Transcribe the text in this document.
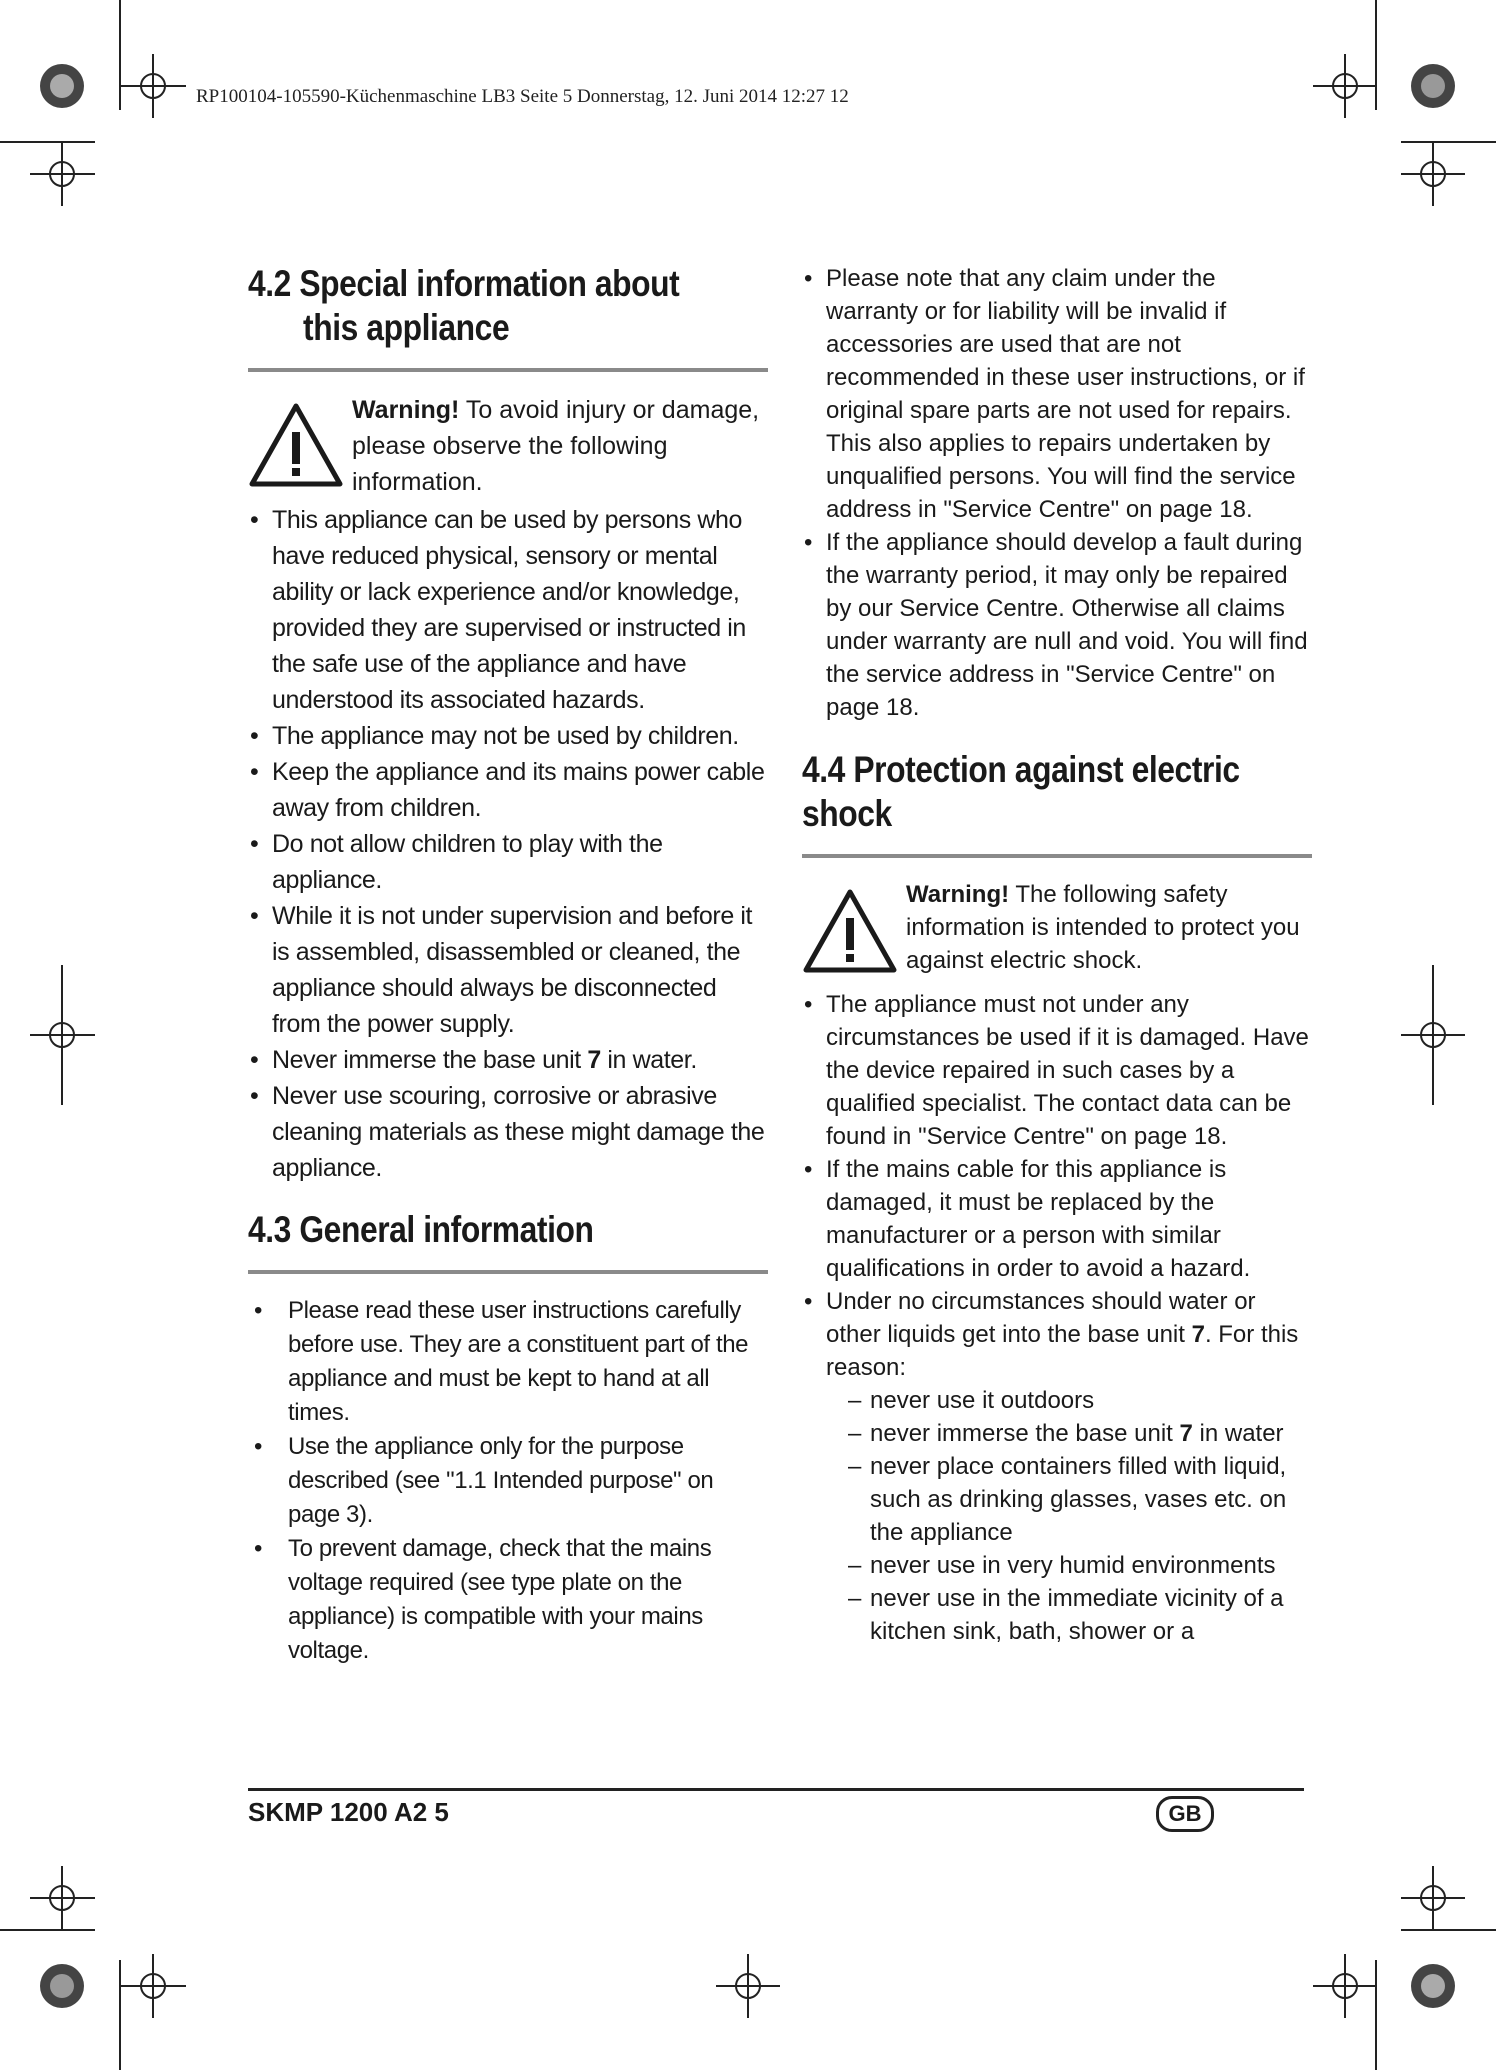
RP100104-105590-Küchenmaschine LB3 Seite 5 Donnerstag, 12. Juni 2014 12:27 12
4.2 Special information about
this appliance
Warning! To avoid injury or damage, please observe the following information.
• This appliance can be used by persons who have reduced physical, sensory or mental ability or lack experience and/or knowledge, provided they are supervised or instructed in the safe use of the appliance and have understood its associated hazards.
• The appliance may not be used by children.
• Keep the appliance and its mains power cable away from children.
• Do not allow children to play with the appliance.
• While it is not under supervision and before it is assembled, disassembled or cleaned, the appliance should always be disconnected from the power supply.
• Never immerse the base unit 7 in water.
• Never use scouring, corrosive or abrasive cleaning materials as these might damage the appliance.
4.3 General information
• Please read these user instructions carefully before use. They are a constituent part of the appliance and must be kept to hand at all times.
• Use the appliance only for the purpose described (see "1.1 Intended purpose" on page 3).
• To prevent damage, check that the mains voltage required (see type plate on the appliance) is compatible with your mains voltage.
• Please note that any claim under the warranty or for liability will be invalid if accessories are used that are not recommended in these user instructions, or if original spare parts are not used for repairs. This also applies to repairs undertaken by unqualified persons. You will find the service address in "Service Centre" on page 18.
• If the appliance should develop a fault during the warranty period, it may only be repaired by our Service Centre. Otherwise all claims under warranty are null and void. You will find the service address in "Service Centre" on page 18.
4.4 Protection against electric shock
Warning! The following safety information is intended to protect you against electric shock.
• The appliance must not under any circumstances be used if it is damaged. Have the device repaired in such cases by a qualified specialist. The contact data can be found in "Service Centre" on page 18.
• If the mains cable for this appliance is damaged, it must be replaced by the manufacturer or a person with similar qualifications in order to avoid a hazard.
• Under no circumstances should water or other liquids get into the base unit 7. For this reason:
– never use it outdoors
– never immerse the base unit 7 in water
– never place containers filled with liquid, such as drinking glasses, vases etc. on the appliance
– never use in very humid environments
– never use in the immediate vicinity of a kitchen sink, bath, shower or a
SKMP 1200 A2 5	GB
